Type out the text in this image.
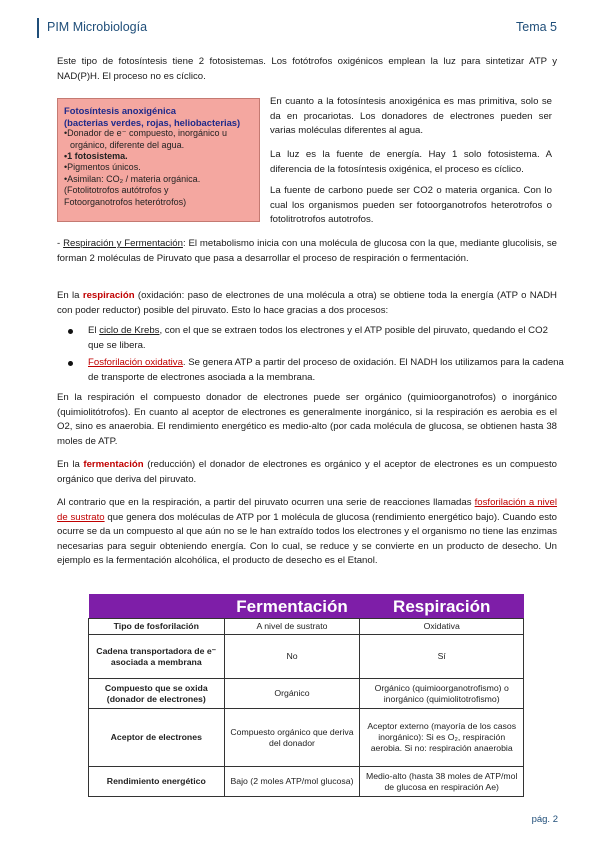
PIM Microbiología	Tema 5
Este tipo de fotosíntesis tiene 2 fotosistemas. Los fotótrofos oxigénicos emplean la luz para sintetizar ATP y NAD(P)H. El proceso no es cíclico.
Fotosíntesis anoxigénica
(bacterias verdes, rojas, heliobacterias)
•Donador de e⁻ compuesto, inorgánico u
orgánico, diferente del agua.
•1 fotosistema.
•Pigmentos únicos.
•Asimilan: CO₂ / materia orgánica.
(Fotolitotrofos autótrofos y
Fotoorganotrofos heterótrofos)
En cuanto a la fotosíntesis anoxigénica es mas primitiva, solo se da en procariotas. Los donadores de electrones pueden ser varias moléculas diferentes al agua.
La luz es la fuente de energía. Hay 1 solo fotosistema. A diferencia de la fotosíntesis oxigénica, el proceso es cíclico.
La fuente de carbono puede ser CO2 o materia organica. Con lo cual los organismos pueden ser fotoorganotrofos heterotrofos o fotolitrotrofos autotrofos.
- Respiración y Fermentación: El metabolismo inicia con una molécula de glucosa con la que, mediante glucolisis, se forman 2 moléculas de Piruvato que pasa a desarrollar el proceso de respiración o fermentación.
En la respiración (oxidación: paso de electrones de una molécula a otra) se obtiene toda la energía (ATP o NADH con poder reductor) posible del piruvato. Esto lo hace gracias a dos procesos:
El ciclo de Krebs, con el que se extraen todos los electrones y el ATP posible del piruvato, quedando el CO2 que se libera.
Fosforilación oxidativa. Se genera ATP a partir del proceso de oxidación. El NADH los utilizamos para la cadena de transporte de electrones asociada a la membrana.
En la respiración el compuesto donador de electrones puede ser orgánico (quimioorganotrofos) o inorgánico (quimiolitótrofos). En cuanto al aceptor de electrones es generalmente inorgánico, si la respiración es aerobia es el O2, sino es anaerobia. El rendimiento energético es medio-alto (por cada molécula de glucosa, se obtienen hasta 38 moles de ATP.
En la fermentación (reducción) el donador de electrones es orgánico y el aceptor de electrones es un compuesto orgánico que deriva del piruvato.
Al contrario que en la respiración, a partir del piruvato ocurren una serie de reacciones llamadas fosforilación a nivel de sustrato que genera dos moléculas de ATP por 1 molécula de glucosa (rendimiento energético bajo). Cuando esto ocurre se da un compuesto al que aún no se le han extraído todos los electrones y el organismo no tiene las enzimas necesarias para seguir obteniendo energía. Con lo cual, se reduce y se convierte en un producto de desecho. Un ejemplo es la fermentación alcohólica, el producto de desecho es el Etanol.
	Fermentación	Respiración
Tipo de fosforilación	A nivel de sustrato	Oxidativa
Cadena transportadora de e⁻ asociada a membrana	No	Sí
Compuesto que se oxida (donador de electrones)	Orgánico	Orgánico (quimioorganotrofismo) o inorgánico (quimiolitotrofismo)
Aceptor de electrones	Compuesto orgánico que deriva del donador	Aceptor externo (mayoría de los casos inorgánico): Si es O₂, respiración aerobia. Si no: respiración anaerobia
Rendimiento energético	Bajo (2 moles ATP/mol glucosa)	Medio-alto (hasta 38 moles de ATP/mol de glucosa en respiración Ae)
pág. 2
